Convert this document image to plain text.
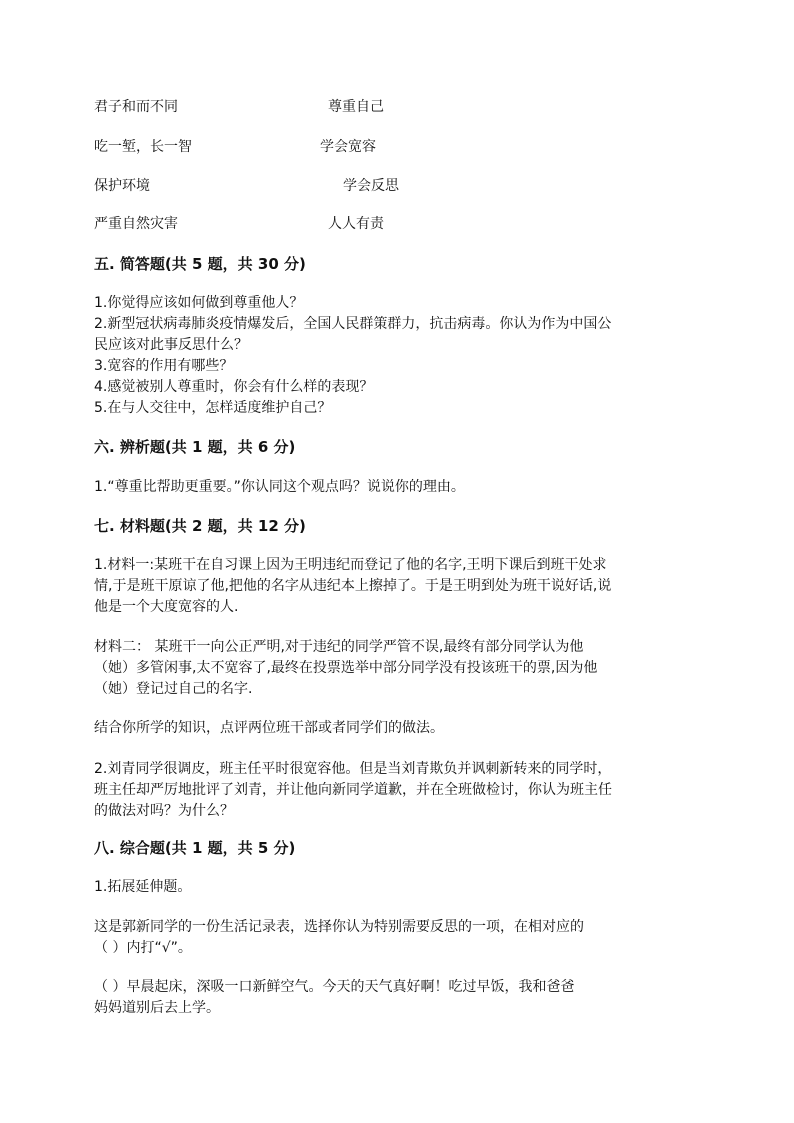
君子和而不同	尊重自己
吃一堑，长一智	学会宽容
保护环境	学会反思
严重自然灾害	人人有责
五. 简答题(共 5 题，共 30 分)
1.你觉得应该如何做到尊重他人？
2.新型冠状病毒肺炎疫情爆发后，全国人民群策群力，抗击病毒。你认为作为中国公
民应该对此事反思什么？
3.宽容的作用有哪些？
4.感觉被别人尊重时，你会有什么样的表现？
5.在与人交往中，怎样适度维护自己？
六. 辨析题(共 1 题，共 6 分)
1.“尊重比帮助更重要。”你认同这个观点吗？说说你的理由。
七. 材料题(共 2 题，共 12 分)
1.材料一:某班干在自习课上因为王明违纪而登记了他的名字,王明下课后到班干处求
情,于是班干原谅了他,把他的名字从违纪本上擦掉了。于是王明到处为班干说好话,说
他是一个大度宽容的人.
材料二： 某班干一向公正严明,对于违纪的同学严管不误,最终有部分同学认为他
（她）多管闲事,太不宽容了,最终在投票选举中部分同学没有投该班干的票,因为他
（她）登记过自己的名字.
结合你所学的知识，点评两位班干部或者同学们的做法。
2.刘青同学很调皮，班主任平时很宽容他。但是当刘青欺负并讽刺新转来的同学时，
班主任却严厉地批评了刘青，并让他向新同学道歉，并在全班做检讨，你认为班主任
的做法对吗？为什么？
八. 综合题(共 1 题，共 5 分)
1.拓展延伸题。
这是郭新同学的一份生活记录表，选择你认为特别需要反思的一项，在相对应的
（ ）内打“√”。
（ ）早晨起床，深吸一口新鲜空气。今天的天气真好啊！吃过早饭，我和爸爸
妈妈道别后去上学。
